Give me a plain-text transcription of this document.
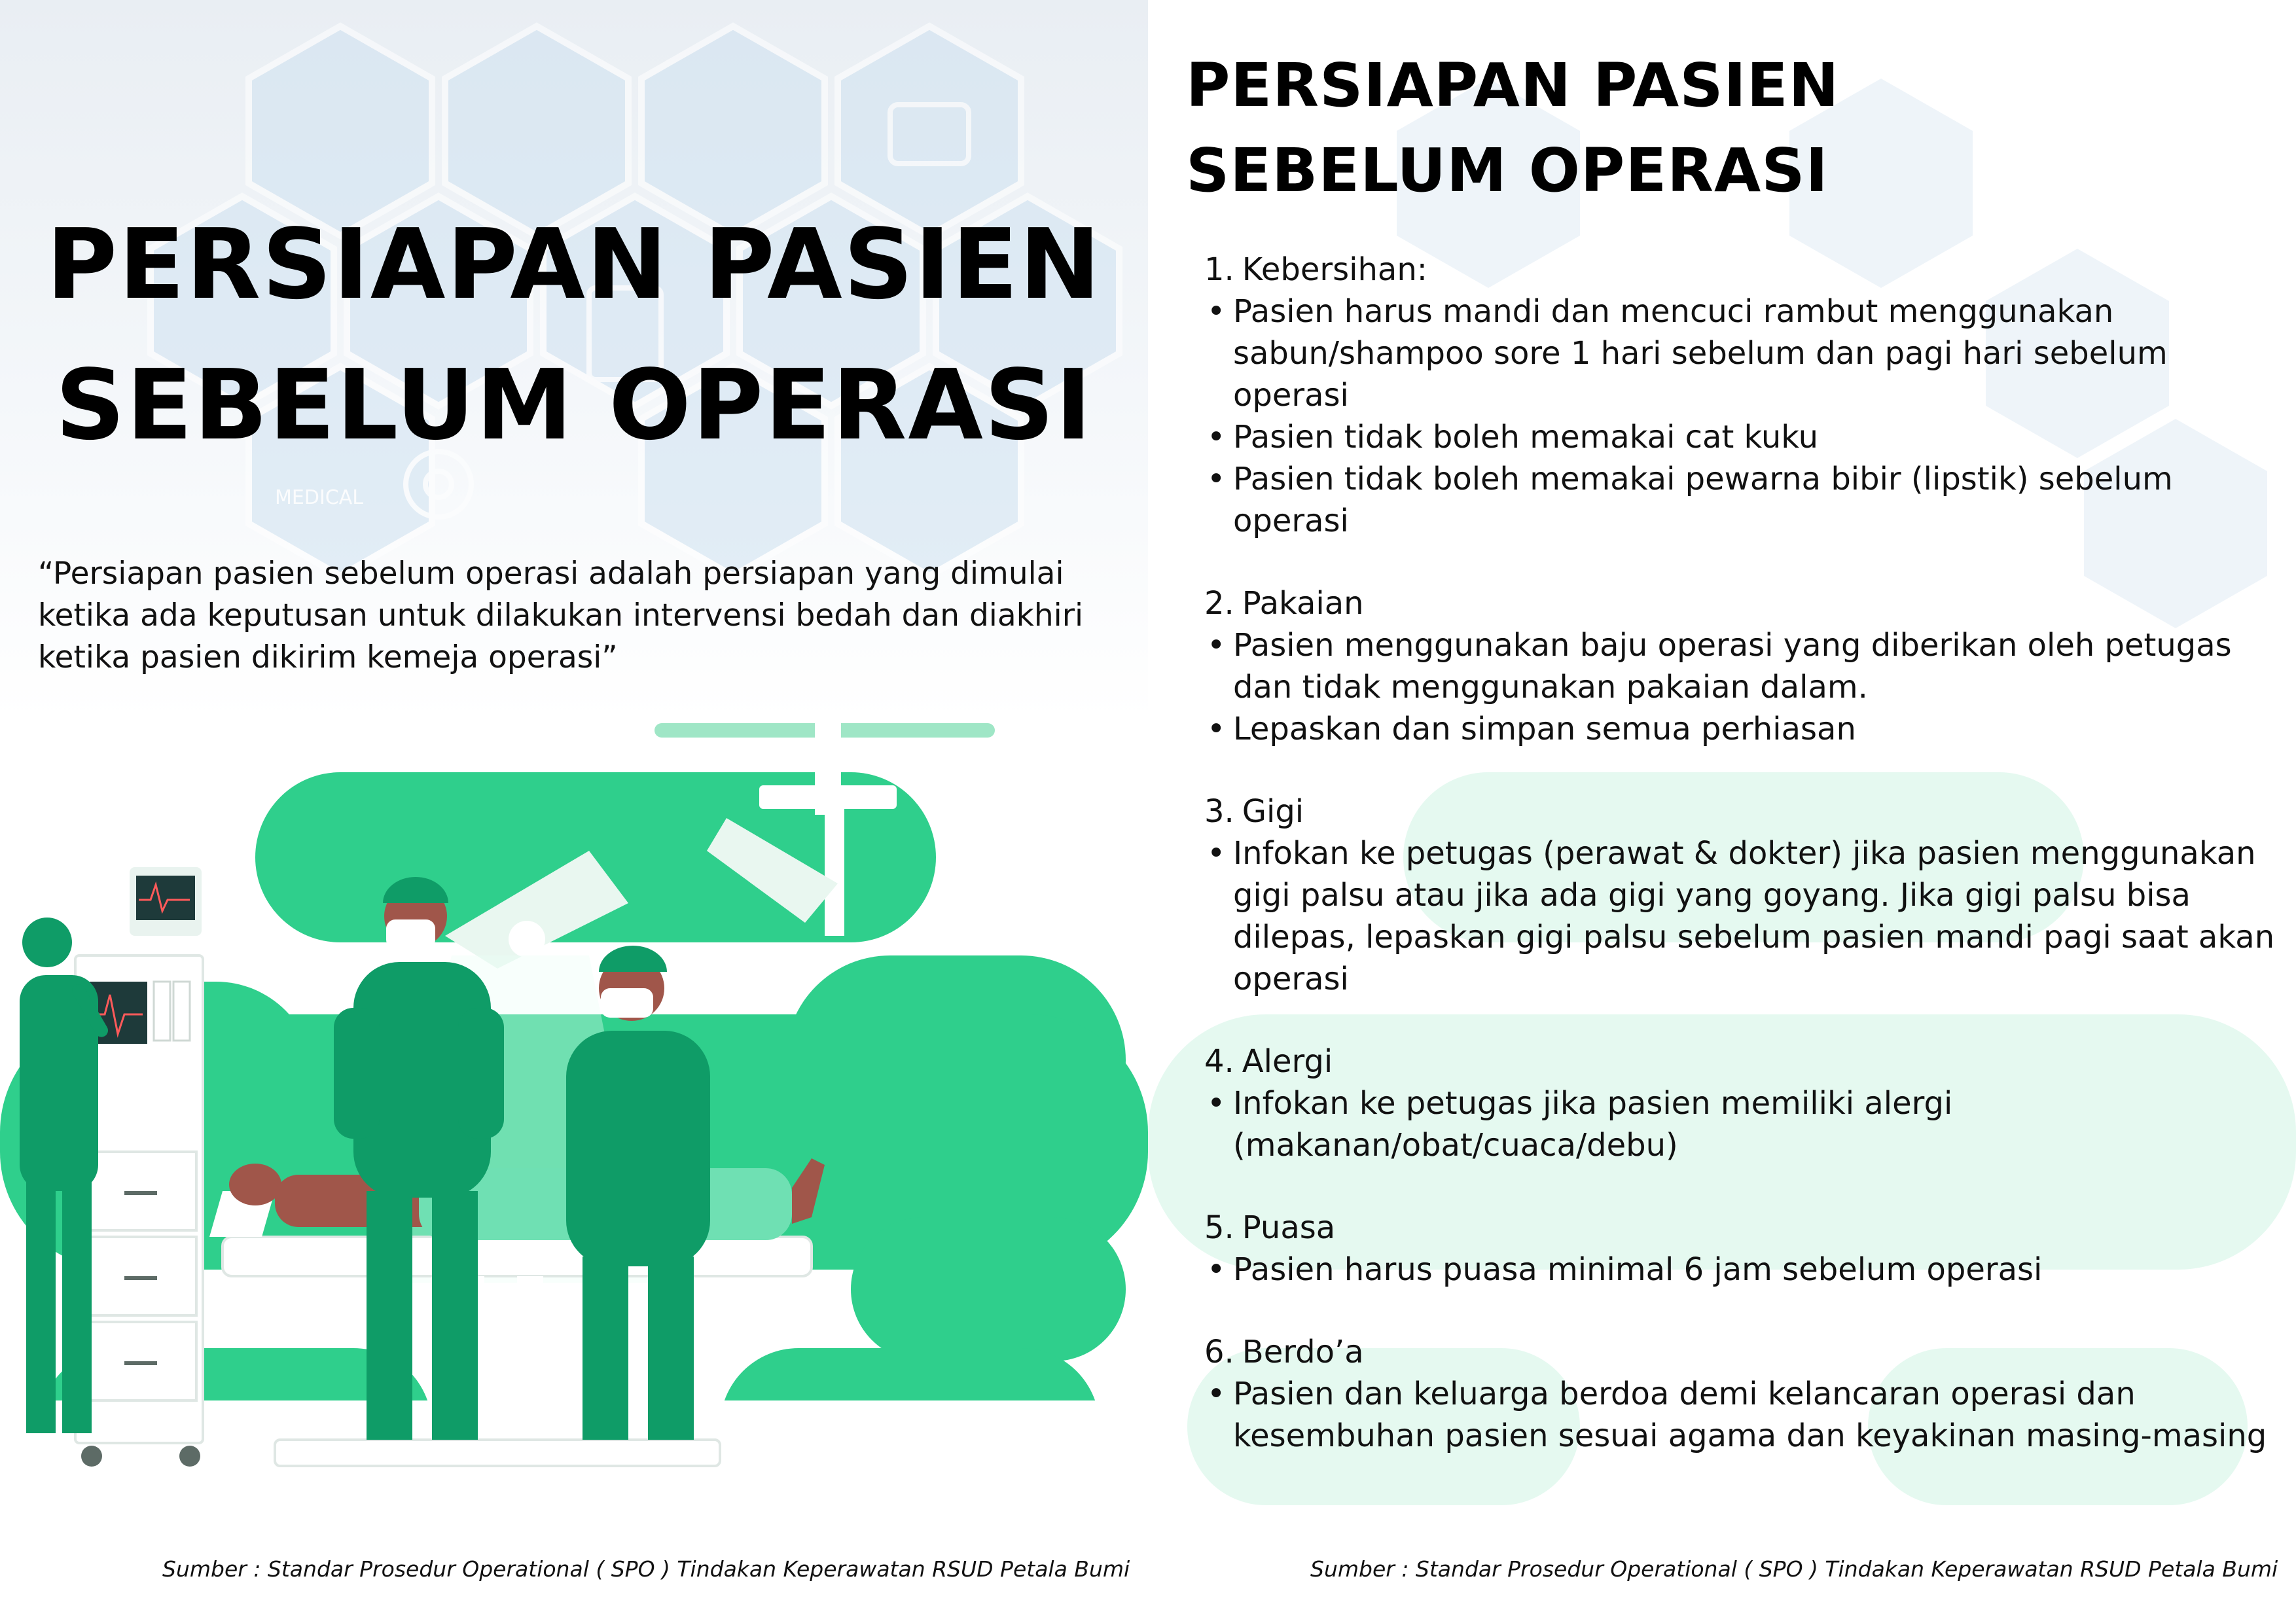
MEDICAL
PERSIAPAN PASIEN
SEBELUM OPERASI

“Persiapan pasien sebelum operasi adalah persiapan yang dimulai ketika ada keputusan untuk dilakukan intervensi bedah dan diakhiri ketika pasien dikirim kemeja operasi”

Sumber : Standar Prosedur Operational ( SPO ) Tindakan Keperawatan RSUD Petala Bumi

PERSIAPAN PASIEN
SEBELUM OPERASI

1. Kebersihan:

• Pasien harus mandi dan mencuci rambut menggunakan sabun/shampoo sore 1 hari sebelum dan pagi hari sebelum operasi

• Pasien tidak boleh memakai cat kuku

• Pasien tidak boleh memakai pewarna bibir (lipstik) sebelum operasi

2. Pakaian

• Pasien menggunakan baju operasi yang diberikan oleh petugas dan tidak menggunakan pakaian dalam.

• Lepaskan dan simpan semua perhiasan

3. Gigi

• Infokan ke petugas (perawat & dokter) jika pasien menggunakan gigi palsu atau jika ada gigi yang goyang. Jika gigi palsu bisa dilepas, lepaskan gigi palsu sebelum pasien mandi pagi saat akan operasi

4. Alergi

• Infokan ke petugas jika pasien memiliki alergi (makanan/obat/cuaca/debu)

5. Puasa

• Pasien harus puasa minimal 6 jam sebelum operasi

6. Berdo’a

• Pasien dan keluarga berdoa demi kelancaran operasi dan kesembuhan pasien sesuai agama dan keyakinan masing-masing

Sumber : Standar Prosedur Operational ( SPO ) Tindakan Keperawatan RSUD Petala Bumi
